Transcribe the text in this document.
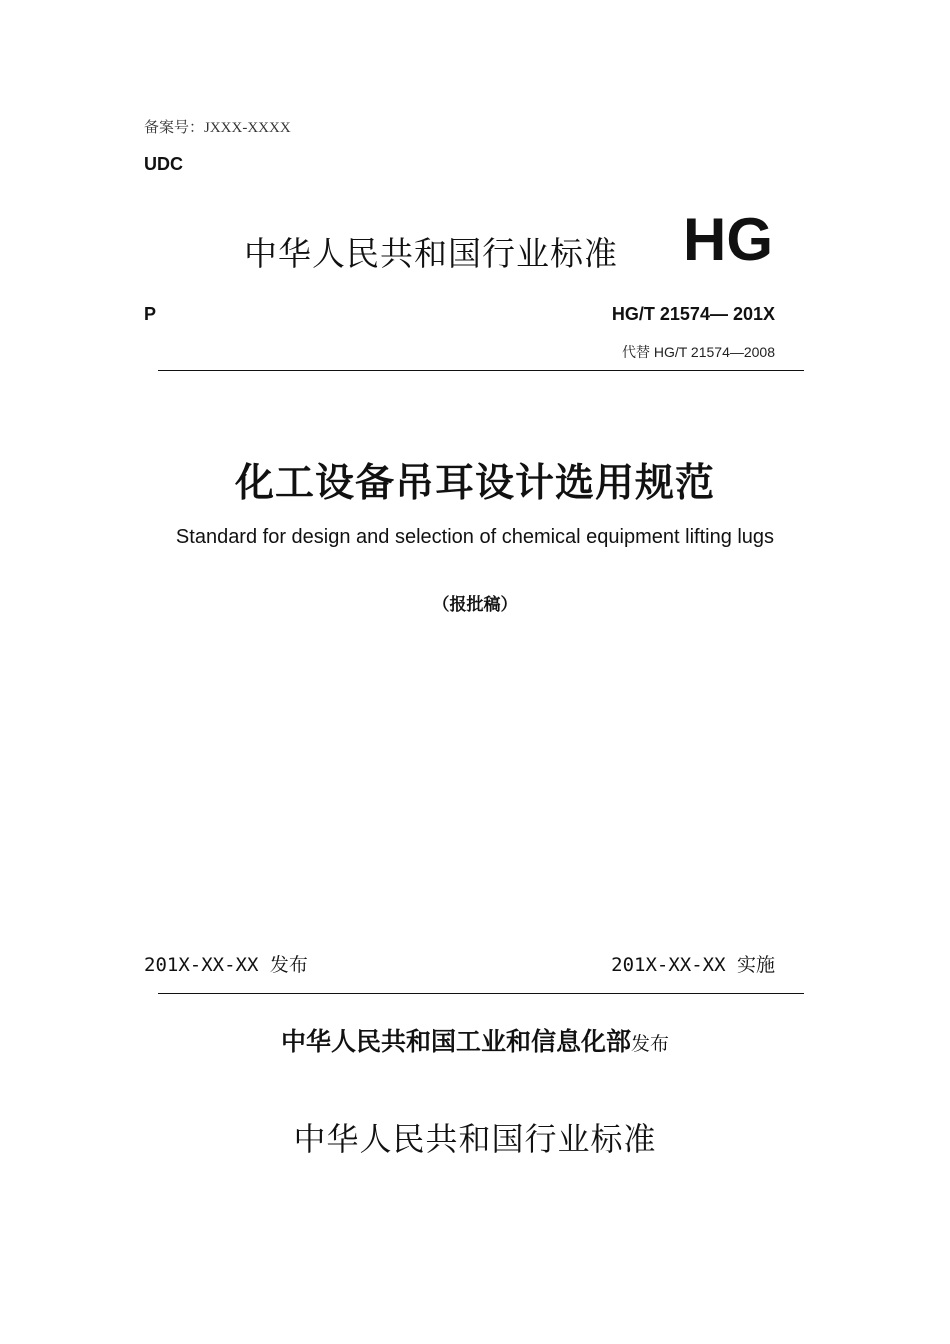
备案号：JXXX-XXXX
UDC
中华人民共和国行业标准 HG
P	HG/T 21574— 201X
代替 HG/T 21574—2008
化工设备吊耳设计选用规范
Standard for design and selection of chemical equipment lifting lugs
（报批稿）
201X-XX-XX 发布	201X-XX-XX 实施
中华人民共和国工业和信息化部发布
中华人民共和国行业标准
